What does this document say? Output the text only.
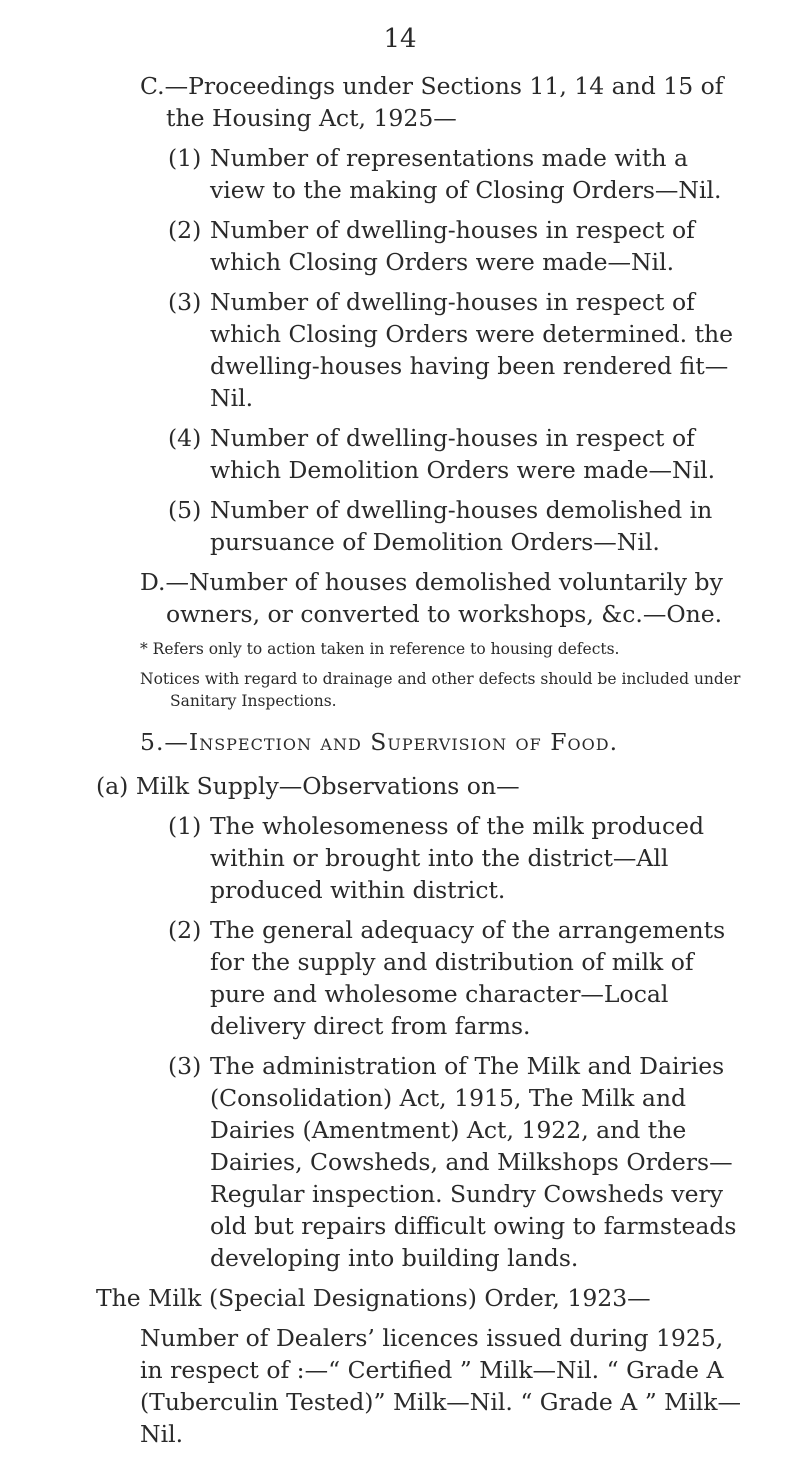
14

C.—Proceedings under Sections 11, 14 and 15 of the Housing Act, 1925—

(1) Number of representations made with a view to the making of Closing Orders—Nil.
(2) Number of dwelling-houses in respect of which Closing Orders were made—Nil.
(3) Number of dwelling-houses in respect of which Closing Orders were determined. the dwelling-houses having been rendered fit—Nil.
(4) Number of dwelling-houses in respect of which Demolition Orders were made—Nil.
(5) Number of dwelling-houses demolished in pursuance of Demolition Orders—Nil.

D.—Number of houses demolished voluntarily by owners, or converted to workshops, &c.—One.

* Refers only to action taken in reference to housing defects.

Notices with regard to drainage and other defects should be included under Sanitary Inspections.

5.—Inspection and Supervision of Food.

(a) Milk Supply—Observations on—

(1) The wholesomeness of the milk produced within or brought into the district—All produced within district.
(2) The general adequacy of the arrangements for the supply and distribution of milk of pure and wholesome character—Local delivery direct from farms.
(3) The administration of The Milk and Dairies (Consolidation) Act, 1915, The Milk and Dairies (Amentment) Act, 1922, and the Dairies, Cowsheds, and Milkshops Orders—Regular inspection. Sundry Cowsheds very old but repairs difficult owing to farmsteads developing into building lands.

The Milk (Special Designations) Order, 1923—

Number of Dealers’ licences issued during 1925, in respect of :—“ Certified ” Milk—Nil. “ Grade A (Tuberculin Tested)” Milk—Nil. “ Grade A ” Milk—Nil.
